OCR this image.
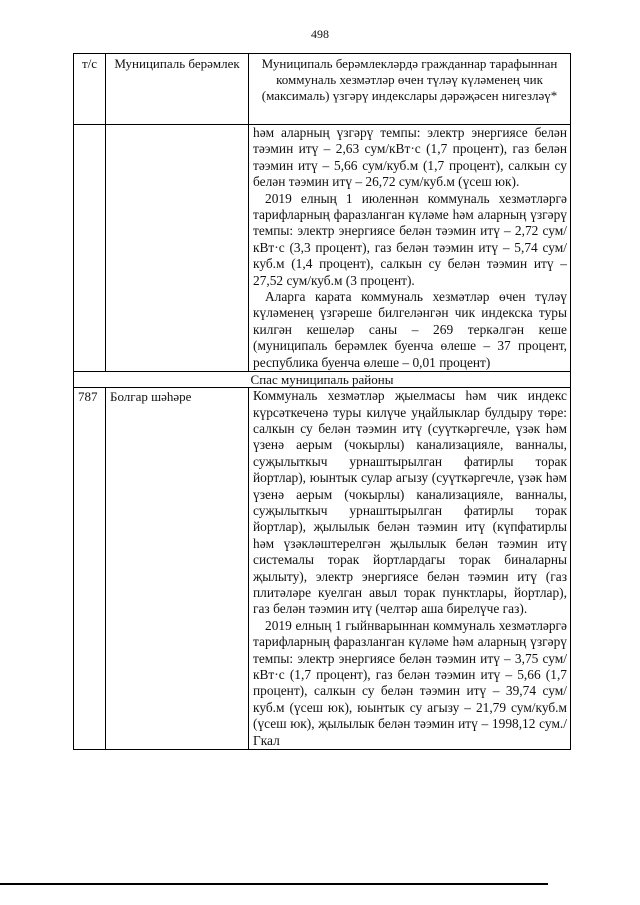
498
т/с	Муниципаль берәмлек	Муниципаль берәмлекләрдә гражданнар тарафыннан коммуналь хезмәтләр өчен түләү күләменең чик (максималь) үзгәрү индекслары дәрәҗәсен нигезләү*

		һәм аларның үзгәрү темпы: электр энергиясе белән тәэмин итү – 2,63 сум/кВт·с (1,7 процент), газ белән тәэмин итү – 5,66 сум/куб.м (1,7 процент), салкын су белән тәэмин итү – 26,72 сум/куб.м (үсеш юк).

2019 елның 1 июленнән коммуналь хезмәтләргә тарифларның фаразланган күләме һәм аларның үзгәрү темпы: электр энергиясе белән тәэмин итү – 2,72 сум/кВт·с (3,3 процент), газ белән тәэмин итү – 5,74 сум/куб.м (1,4 процент), салкын су белән тәэмин итү – 27,52 сум/куб.м (3 процент).

Аларга карата коммуналь хезмәтләр өчен түләү күләменең үзгәреше билгеләнгән чик индекска туры килгән кешеләр саны – 269 теркәлгән кеше (муниципаль берәмлек буенча өлеше – 37 процент, республика буенча өлеше – 0,01 процент)

Спас муниципаль районы		
787	Болгар шәһәре	Коммуналь хезмәтләр җыелмасы һәм чик индекс күрсәткеченә туры килүче уңайлыклар булдыру төре: салкын су белән тәэмин итү (суүткәргечле, үзәк һәм үзенә аерым (чокырлы) канализацияле, ванналы, суҗылыткыч урнаштырылган фатирлы торак йортлар), юынтык сулар агызу (суүткәргечле, үзәк һәм үзенә аерым (чокырлы) канализацияле, ванналы, суҗылыткыч урнаштырылган фатирлы торак йортлар), җылылык белән тәэмин итү (күпфатирлы һәм үзәкләштерелгән җылылык белән тәэмин итү системалы торак йортлардагы торак биналарны җылыту), электр энергиясе белән тәэмин итү (газ плитәләре куелган авыл торак пунктлары, йортлар), газ белән тәэмин итү (челтәр аша бирелүче газ).

2019 елның 1 гыйнварыннан коммуналь хезмәтләргә тарифларның фаразланган күләме һәм аларның үзгәрү темпы: электр энергиясе белән тәэмин итү – 3,75 сум/кВт·с (1,7 процент), газ белән тәэмин итү – 5,66 (1,7 процент), салкын су белән тәэмин итү – 39,74 сум/куб.м (үсеш юк), юынтык су агызу – 21,79 сум/куб.м (үсеш юк), җылылык белән тәэмин итү – 1998,12 сум./Гкал
